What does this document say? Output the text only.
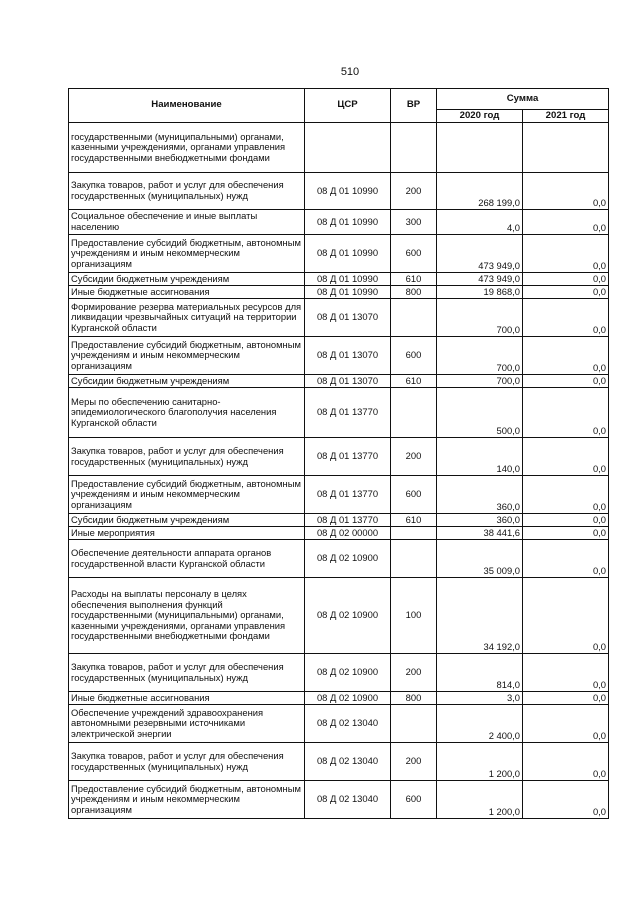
510
Наименование	ЦСР	ВР	Сумма	
			2020 год	2021 год
государственными (муниципальными) органами, казенными учреждениями, органами управления государственными внебюджетными фондами				
Закупка товаров, работ и услуг для обеспечения государственных (муниципальных) нужд	08 Д 01 10990	200	268 199,0	0,0
Социальное обеспечение и иные выплаты населению	08 Д 01 10990	300	4,0	0,0
Предоставление субсидий бюджетным, автономным учреждениям и иным некоммерческим организациям	08 Д 01 10990	600	473 949,0	0,0
Субсидии бюджетным учреждениям	08 Д 01 10990	610	473 949,0	0,0
Иные бюджетные ассигнования	08 Д 01 10990	800	19 868,0	0,0
Формирование резерва материальных ресурсов для ликвидации чрезвычайных ситуаций на территории Курганской области	08 Д 01 13070		700,0	0,0
Предоставление субсидий бюджетным, автономным учреждениям и иным некоммерческим организациям	08 Д 01 13070	600	700,0	0,0
Субсидии бюджетным учреждениям	08 Д 01 13070	610	700,0	0,0
Меры по обеспечению санитарно-эпидемиологического благополучия населения Курганской области	08 Д 01 13770		500,0	0,0
Закупка товаров, работ и услуг для обеспечения государственных (муниципальных) нужд	08 Д 01 13770	200	140,0	0,0
Предоставление субсидий бюджетным, автономным учреждениям и иным некоммерческим организациям	08 Д 01 13770	600	360,0	0,0
Субсидии бюджетным учреждениям	08 Д 01 13770	610	360,0	0,0
Иные мероприятия	08 Д 02 00000		38 441,6	0,0
Обеспечение деятельности аппарата органов государственной власти Курганской области	08 Д 02 10900		35 009,0	0,0
Расходы на выплаты персоналу в целях обеспечения выполнения функций государственными (муниципальными) органами, казенными учреждениями, органами управления государственными внебюджетными фондами	08 Д 02 10900	100	34 192,0	0,0
Закупка товаров, работ и услуг для обеспечения государственных (муниципальных) нужд	08 Д 02 10900	200	814,0	0,0
Иные бюджетные ассигнования	08 Д 02 10900	800	3,0	0,0
Обеспечение учреждений здравоохранения автономными резервными источниками электрической энергии	08 Д 02 13040		2 400,0	0,0
Закупка товаров, работ и услуг для обеспечения государственных (муниципальных) нужд	08 Д 02 13040	200	1 200,0	0,0
Предоставление субсидий бюджетным, автономным учреждениям и иным некоммерческим организациям	08 Д 02 13040	600	1 200,0	0,0
